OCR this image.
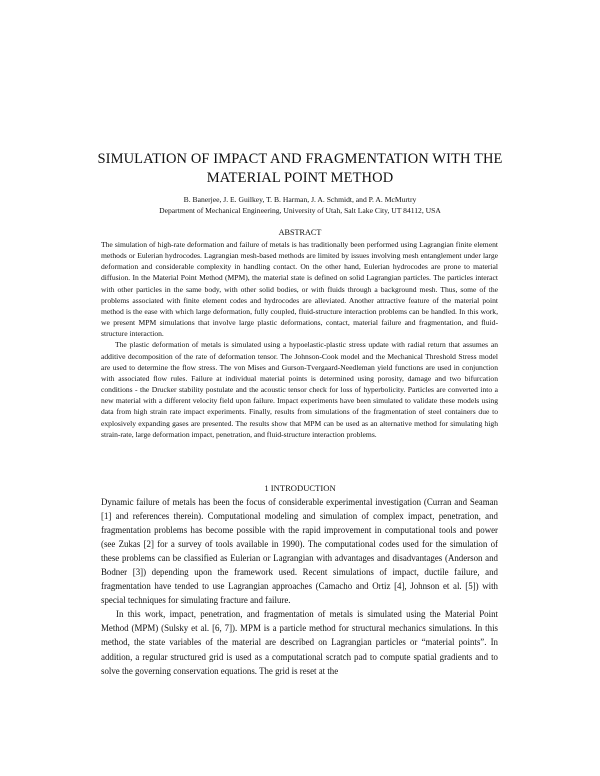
SIMULATION OF IMPACT AND FRAGMENTATION WITH THE
MATERIAL POINT METHOD
B. Banerjee, J. E. Guilkey, T. B. Harman, J. A. Schmidt, and P. A. McMurtry
Department of Mechanical Engineering, University of Utah, Salt Lake City, UT 84112, USA
ABSTRACT

The simulation of high-rate deformation and failure of metals is has traditionally been performed using Lagrangian finite element methods or Eulerian hydrocodes. Lagrangian mesh-based methods are limited by issues involving mesh entanglement under large deformation and considerable complexity in handling contact. On the other hand, Eulerian hydrocodes are prone to material diffusion. In the Material Point Method (MPM), the material state is defined on solid Lagrangian particles. The particles interact with other particles in the same body, with other solid bodies, or with fluids through a background mesh. Thus, some of the problems associated with finite element codes and hydrocodes are alleviated. Another attractive feature of the material point method is the ease with which large deformation, fully coupled, fluid-structure interaction problems can be handled. In this work, we present MPM simulations that involve large plastic deformations, contact, material failure and fragmentation, and fluid-structure interaction.

The plastic deformation of metals is simulated using a hypoelastic-plastic stress update with radial return that assumes an additive decomposition of the rate of deformation tensor. The Johnson-Cook model and the Mechanical Threshold Stress model are used to determine the flow stress. The von Mises and Gurson-Tvergaard-Needleman yield functions are used in conjunction with associated flow rules. Failure at individual material points is determined using porosity, damage and two bifurcation conditions - the Drucker stability postulate and the acoustic tensor check for loss of hyperbolicity. Particles are converted into a new material with a different velocity field upon failure. Impact experiments have been simulated to validate these models using data from high strain rate impact experiments. Finally, results from simulations of the fragmentation of steel containers due to explosively expanding gases are presented. The results show that MPM can be used as an alternative method for simulating high strain-rate, large deformation impact, penetration, and fluid-structure interaction problems.

1 INTRODUCTION

Dynamic failure of metals has been the focus of considerable experimental investigation (Curran and Seaman [1] and references therein). Computational modeling and simulation of complex impact, penetration, and fragmentation problems has become possible with the rapid improvement in computational tools and power (see Zukas [2] for a survey of tools available in 1990). The computational codes used for the simulation of these problems can be classified as Eulerian or Lagrangian with advantages and disadvantages (Anderson and Bodner [3]) depending upon the framework used. Recent simulations of impact, ductile failure, and fragmentation have tended to use Lagrangian approaches (Camacho and Ortiz [4], Johnson et al. [5]) with special techniques for simulating fracture and failure.

In this work, impact, penetration, and fragmentation of metals is simulated using the Material Point Method (MPM) (Sulsky et al. [6, 7]). MPM is a particle method for structural mechanics simulations. In this method, the state variables of the material are described on Lagrangian particles or “material points”. In addition, a regular structured grid is used as a computational scratch pad to compute spatial gradients and to solve the governing conservation equations. The grid is reset at the
